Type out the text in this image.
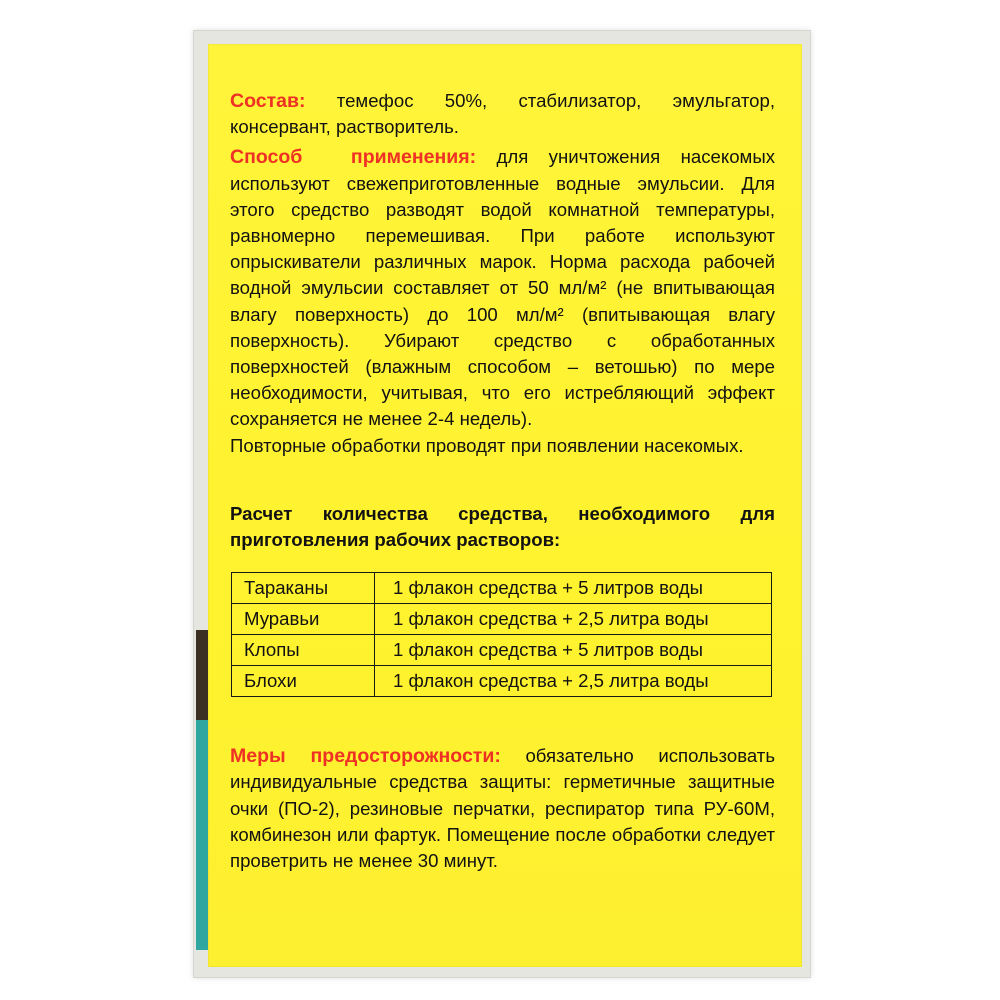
Состав: темефос 50%, стабилизатор, эмульгатор, консервант, растворитель.

Способ применения: для уничтожения насекомых используют свежеприготовленные водные эмульсии. Для этого средство разводят водой комнатной температуры, равномерно перемешивая. При работе используют опрыскиватели различных марок. Норма расхода рабочей водной эмульсии составляет от 50 мл/м² (не впитывающая влагу поверхность) до 100 мл/м² (впитывающая влагу поверхность). Убирают средство с обработанных поверхностей (влажным способом – ветошью) по мере необходимости, учитывая, что его истребляющий эффект сохраняется не менее 2-4 недель).

Повторные обработки проводят при появлении насекомых.

Расчет количества средства, необходимого для приготовления рабочих растворов:

Тараканы	1 флакон средства + 5 литров воды
Муравьи	1 флакон средства + 2,5 литра воды
Клопы	1 флакон средства + 5 литров воды
Блохи	1 флакон средства + 2,5 литра воды

Меры предосторожности: обязательно использовать индивидуальные средства защиты: герметичные защитные очки (ПО-2), резиновые перчатки, респиратор типа РУ-60М, комбинезон или фартук. Помещение после обработки следует проветрить не менее 30 минут.
